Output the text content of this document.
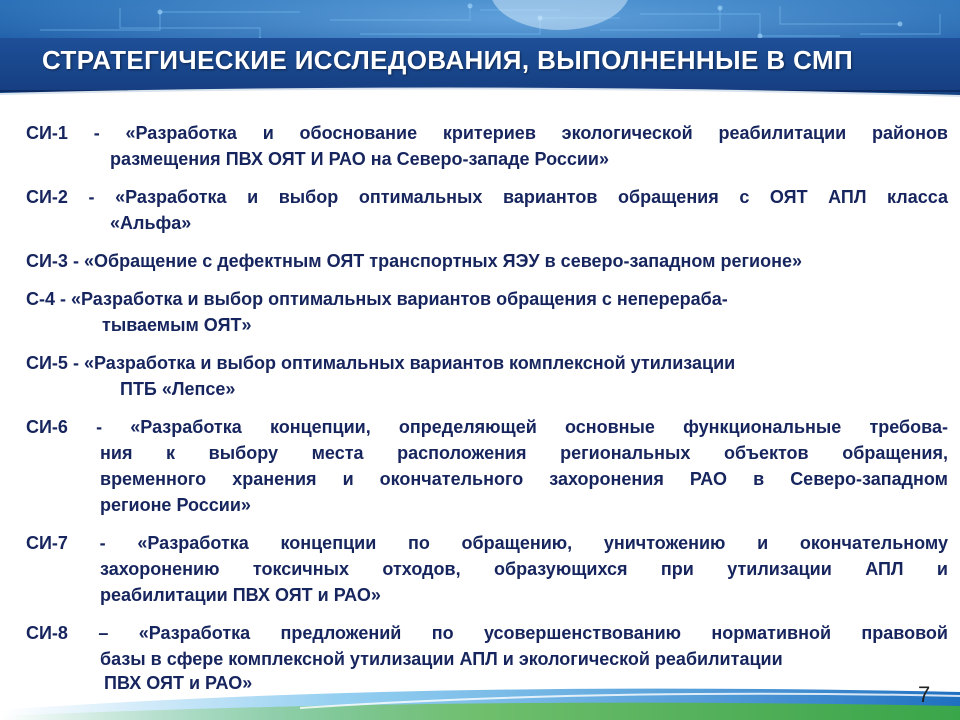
СТРАТЕГИЧЕСКИЕ ИССЛЕДОВАНИЯ, ВЫПОЛНЕННЫЕ В СМП

СИ-1 - «Разработка и обоснование критериев экологической реабилитации районов

размещения ПВХ ОЯТ И РАО на Северо-западе России»

СИ-2 - «Разработка и выбор оптимальных вариантов обращения с ОЯТ АПЛ класса

«Альфа»

СИ-3 - «Обращение с дефектным ОЯТ транспортных ЯЭУ в северо-западном регионе»

С-4 - «Разработка и выбор оптимальных вариантов обращения с неперераба-

тываемым ОЯТ»

СИ-5 - «Разработка и выбор оптимальных вариантов комплексной утилизации

ПТБ «Лепсе»

СИ-6 - «Разработка концепции, определяющей основные функциональные требова-

ния к выбору места расположения региональных объектов обращения,

временного хранения и окончательного захоронения РАО в Северо-западном

регионе России»

СИ-7 - «Разработка концепции по обращению, уничтожению и окончательному

захоронению токсичных отходов, образующихся при утилизации АПЛ и

реабилитации ПВХ ОЯТ и РАО»

СИ-8 – «Разработка предложений по усовершенствованию нормативной правовой

базы в сфере комплексной утилизации АПЛ и экологической реабилитации

ПВХ ОЯТ и РАО»	7
